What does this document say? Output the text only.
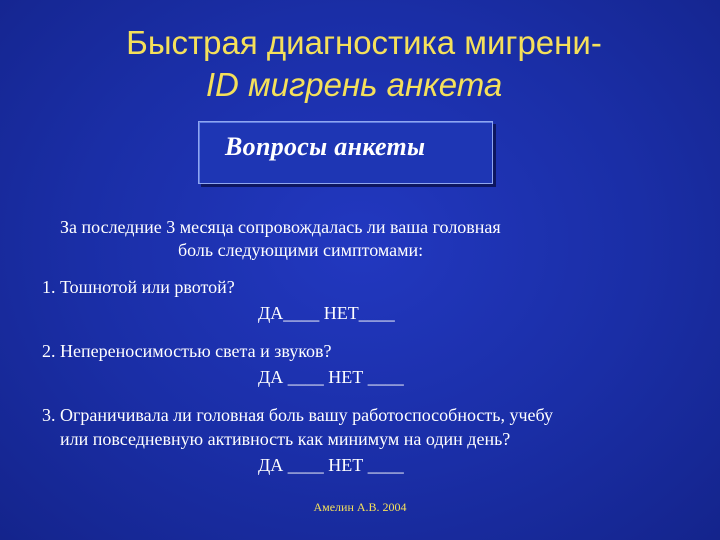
Быстрая диагностика мигрени-
ID мигрень анкета
Вопросы анкеты
За последние 3 месяца сопровождалась ли ваша головная
боль следующими симптомами:
1. Тошнотой или рвотой?
ДА____ НЕТ____
2. Непереносимостью света и звуков?
ДА ____ НЕТ ____
3. Ограничивала ли головная боль вашу работоспособность, учебу
или повседневную активность как минимум на один день?
ДА ____ НЕТ ____
Амелин А.В. 2004
